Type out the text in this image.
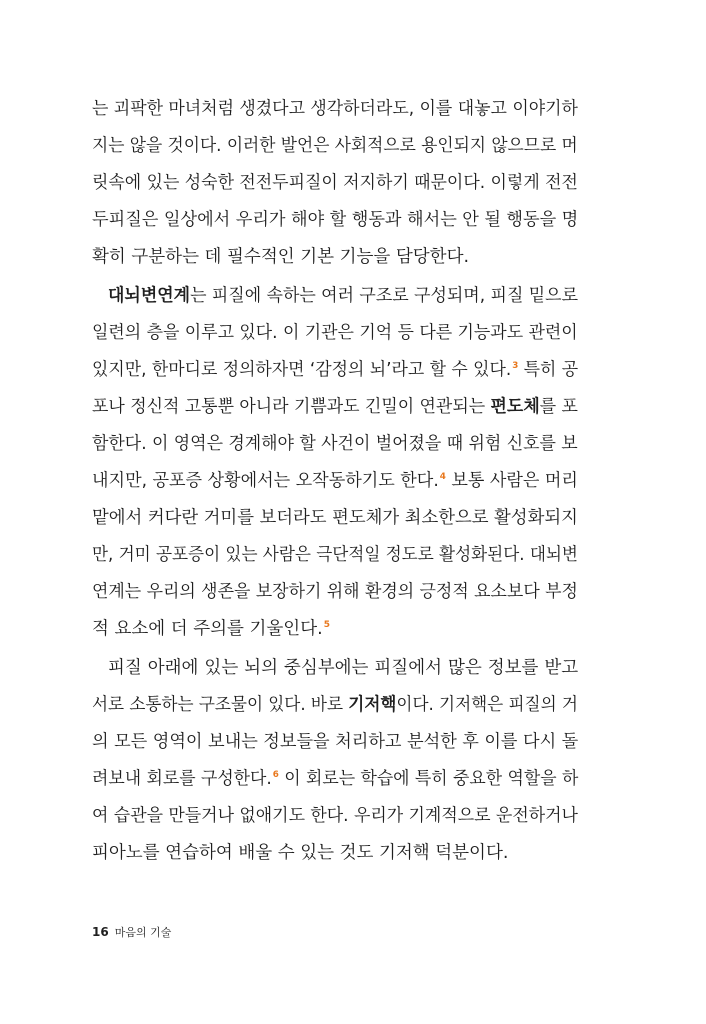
는 괴팍한 마녀처럼 생겼다고 생각하더라도, 이를 대놓고 이야기하
지는 않을 것이다. 이러한 발언은 사회적으로 용인되지 않으므로 머
릿속에 있는 성숙한 전전두피질이 저지하기 때문이다. 이렇게 전전
두피질은 일상에서 우리가 해야 할 행동과 해서는 안 될 행동을 명
확히 구분하는 데 필수적인 기본 기능을 담당한다.
대뇌변연계는 피질에 속하는 여러 구조로 구성되며, 피질 밑으로
일련의 층을 이루고 있다. 이 기관은 기억 등 다른 기능과도 관련이
있지만, 한마디로 정의하자면 ‘감정의 뇌’라고 할 수 있다.$^3$ 특히 공
포나 정신적 고통뿐 아니라 기쁨과도 긴밀이 연관되는 편도체를 포
함한다. 이 영역은 경계해야 할 사건이 벌어졌을 때 위험 신호를 보
내지만, 공포증 상황에서는 오작동하기도 한다.$^4$ 보통 사람은 머리
맡에서 커다란 거미를 보더라도 편도체가 최소한으로 활성화되지
만, 거미 공포증이 있는 사람은 극단적일 정도로 활성화된다. 대뇌변
연계는 우리의 생존을 보장하기 위해 환경의 긍정적 요소보다 부정
적 요소에 더 주의를 기울인다.$^5$
피질 아래에 있는 뇌의 중심부에는 피질에서 많은 정보를 받고
서로 소통하는 구조물이 있다. 바로 기저핵이다. 기저핵은 피질의 거
의 모든 영역이 보내는 정보들을 처리하고 분석한 후 이를 다시 돌
려보내 회로를 구성한다.$^6$ 이 회로는 학습에 특히 중요한 역할을 하
여 습관을 만들거나 없애기도 한다. 우리가 기계적으로 운전하거나
피아노를 연습하여 배울 수 있는 것도 기저핵 덕분이다.
16 마음의 기술
